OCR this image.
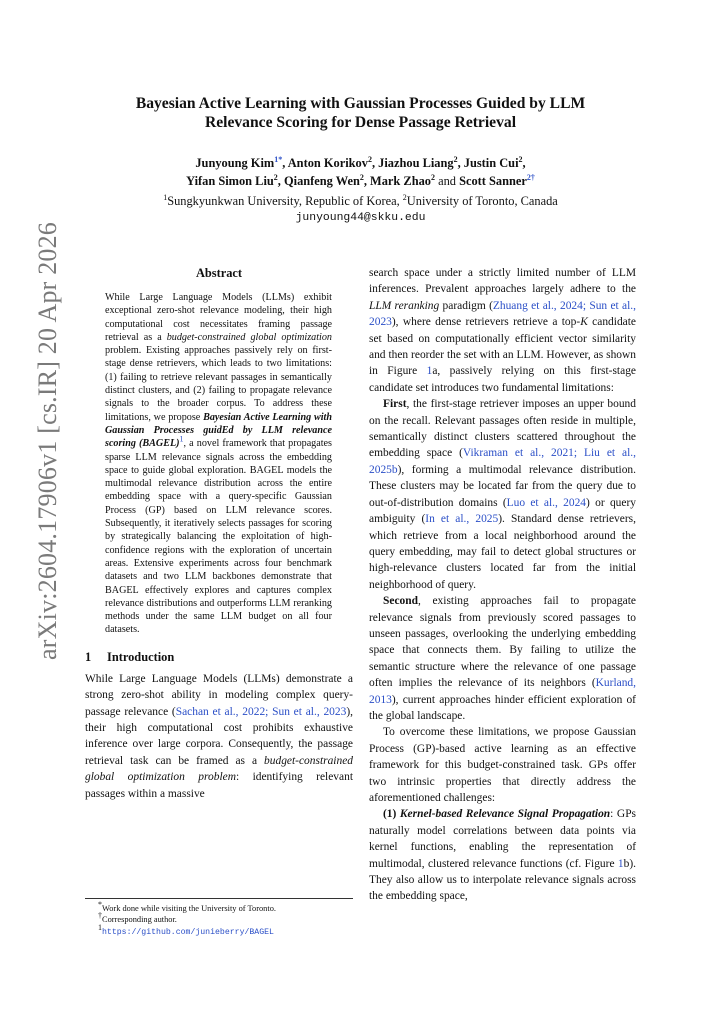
arXiv:2604.17906v1 [cs.IR] 20 Apr 2026
Bayesian Active Learning with Gaussian Processes Guided by LLM
Relevance Scoring for Dense Passage Retrieval
Junyoung Kim$^{1*}$, Anton Korikov$^2$, Jiazhou Liang$^2$, Justin Cui$^2$,
Yifan Simon Liu$^2$, Qianfeng Wen$^2$, Mark Zhao$^2$ and Scott Sanner$^{2\dagger}$
$^1$Sungkyunkwan University, Republic of Korea, $^2$University of Toronto, Canada
junyoung44@skku.edu
Abstract

While Large Language Models (LLMs) exhibit exceptional zero-shot relevance modeling, their high computational cost necessitates framing passage retrieval as a budget-constrained global optimization problem. Existing approaches passively rely on first-stage dense retrievers, which leads to two limitations: (1) failing to retrieve relevant passages in semantically distinct clusters, and (2) failing to propagate relevance signals to the broader corpus. To address these limitations, we propose Bayesian Active Learning with Gaussian Processes guidEd by LLM relevance scoring (BAGEL)$^1$, a novel framework that propagates sparse LLM relevance signals across the embedding space to guide global exploration. BAGEL models the multimodal relevance distribution across the entire embedding space with a query-specific Gaussian Process (GP) based on LLM relevance scores. Subsequently, it iteratively selects passages for scoring by strategically balancing the exploitation of high-confidence regions with the exploration of uncertain areas. Extensive experiments across four benchmark datasets and two LLM backbones demonstrate that BAGEL effectively explores and captures complex relevance distributions and outperforms LLM reranking methods under the same LLM budget on all four datasets.

1 Introduction

While Large Language Models (LLMs) demonstrate a strong zero-shot ability in modeling complex query-passage relevance (Sachan et al., 2022; Sun et al., 2023), their high computational cost prohibits exhaustive inference over large corpora. Consequently, the passage retrieval task can be framed as a budget-constrained global optimization problem: identifying relevant passages within a massive

*Work done while visiting the University of Toronto.
†Corresponding author.
$^1$https://github.com/junieberry/BAGEL

search space under a strictly limited number of LLM inferences. Prevalent approaches largely adhere to the LLM reranking paradigm (Zhuang et al., 2024; Sun et al., 2023), where dense retrievers retrieve a top-K candidate set based on computationally efficient vector similarity and then reorder the set with an LLM. However, as shown in Figure 1a, passively relying on this first-stage candidate set introduces two fundamental limitations:

First, the first-stage retriever imposes an upper bound on the recall. Relevant passages often reside in multiple, semantically distinct clusters scattered throughout the embedding space (Vikraman et al., 2021; Liu et al., 2025b), forming a multimodal relevance distribution. These clusters may be located far from the query due to out-of-distribution domains (Luo et al., 2024) or query ambiguity (In et al., 2025). Standard dense retrievers, which retrieve from a local neighborhood around the query embedding, may fail to detect global structures or high-relevance clusters located far from the initial neighborhood of query.

Second, existing approaches fail to propagate relevance signals from previously scored passages to unseen passages, overlooking the underlying embedding space that connects them. By failing to utilize the semantic structure where the relevance of one passage often implies the relevance of its neighbors (Kurland, 2013), current approaches hinder efficient exploration of the global landscape.

To overcome these limitations, we propose Gaussian Process (GP)-based active learning as an effective framework for this budget-constrained task. GPs offer two intrinsic properties that directly address the aforementioned challenges:

(1) Kernel-based Relevance Signal Propagation: GPs naturally model correlations between data points via kernel functions, enabling the representation of multimodal, clustered relevance functions (cf. Figure 1b). They also allow us to interpolate relevance signals across the embedding space,
